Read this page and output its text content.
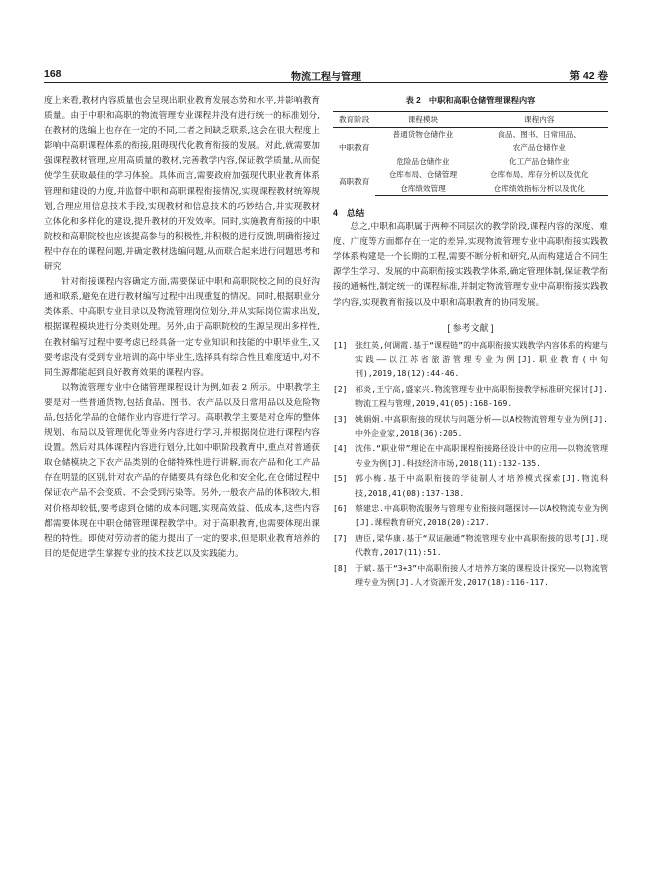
168	物流工程与管理	第 42 卷

度上来看,教材内容质量也会呈现出职业教育发展态势和水平,并影响教育质量。由于中职和高职的物流管理专业课程并没有进行统一的标准划分,在教材的选编上也存在一定的不同,二者之间缺乏联系,这会在很大程度上影响中高职课程体系的衔接,阻碍现代化教育衔接的发展。对此,就需要加强课程教材管理,应用高质量的教材,完善教学内容,保证教学质量,从而促使学生获取最佳的学习体验。具体而言,需要政府加强现代职业教育体系管理和建设的力度,并监督中职和高职课程衔接情况,实现课程教材统筹规划,合理应用信息技术手段,实现教材和信息技术的巧妙结合,并实现教材立体化和多样化的建设,提升教材的开发效率。同时,实施教育衔接的中职院校和高职院校也应该提高参与的积极性,并积极的进行反馈,明确衔接过程中存在的课程问题,并确定教材选编问题,从而联合起来进行问题思考和研究

针对衔接课程内容确定方面,需要保证中职和高职院校之间的良好沟通和联系,避免在进行教材编写过程中出现重复的情况。同时,根据职业分类体系、中高职专业目录以及物流管理岗位划分,并从实际岗位需求出发,根据课程模块进行分类则处理。另外,由于高职院校的生源呈现出多样性,在教材编写过程中要考虑已经具备一定专业知识和技能的中职毕业生,又要考虑没有受到专业培训的高中毕业生,选择具有综合性且难度适中,对不同生源都能起到良好教育效果的课程内容。

以物流管理专业中仓储管理课程设计为例,如表 2 所示。中职教学主要是对一些普通货物,包括食品、图书、农产品以及日常用品以及危险物品,包括化学品的仓储作业内容进行学习。高职教学主要是对仓库的整体规划、布局以及管理优化等业务内容进行学习,并根据岗位进行课程内容设置。然后对具体课程内容进行划分,比如中职阶段教育中,重点对普通获取仓储模块之下农产品类别的仓储特殊性进行讲解,而农产品和化工产品存在明显的区别,针对农产品的存储要具有绿色化和安全化,在仓储过程中保证农产品不会变质、不会受到污染等。另外,一般农产品的体积较大,相对价格却较低,要考虑到仓储的成本问题,实现高效益、低成本,这些内容都需要体现在中职仓储管理课程教学中。对于高职教育,也需要体现出课程的特性。即使对劳动者的能力提出了一定的要求,但是职业教育培养的目的是促进学生掌握专业的技术技艺以及实践能力。

表 2　中职和高职仓储管理课程内容
教育阶段	课程模块	课程内容
中职教育	普通货物仓储作业	食品、图书、日常用品、
		农产品仓储作业
	危险品仓储作业	化工产品仓储作业
高职教育	仓库布局、仓储管理	仓库布局、库存分析以及优化
	仓库绩效管理	仓库绩效指标分析以及优化
4　总结

总之,中职和高职属于两种不同层次的教学阶段,课程内容的深度、难度、广度等方面都存在一定的差异,实现物流管理专业中高职衔接实践教学体系构建是一个长期的工程,需要不断分析和研究,从而构建适合不同生源学生学习、发展的中高职衔接实践教学体系,确定管理体制,保证教学衔接的通畅性,制定统一的课程标准,并制定物流管理专业中高职衔接实践教学内容,实现教育衔接以及中职和高职教育的协同发展。

[ 参考文献 ]
[1] 张红英,何调霞.基于“课程链”的中高职衔接实践教学内容体系的构建与实践——以江苏省旅游管理专业为例[J].职业教育(中旬刊),2019,18(12):44-46.
[2] 祁炎,王宁高,盛家兴.物流管理专业中高职衔接教学标准研究探讨[J].物流工程与管理,2019,41(05):168-169.
[3] 姚娟娟.中高职衔接的现状与问题分析——以A校物流管理专业为例[J].中外企业家,2018(36):205.
[4] 沈伟.“职业带”理论在中高职课程衔接路径设计中的应用——以物流管理专业为例[J].科技经济市场,2018(11):132-135.
[5] 郭小梅.基于中高职衔接的学徒制人才培养模式探索[J].物流科技,2018,41(08):137-138.
[6] 蔡建忠.中高职物流服务与管理专业衔接问题探讨——以A校物流专业为例[J].课程教育研究,2018(20):217.
[7] 唐臣,梁华康.基于“双证融通”物流管理专业中高职衔接的思考[J].现代教育,2017(11):51.
[8] 于斌.基于“3+3”中高职衔接人才培养方案的课程设计探究——以物流管理专业为例[J].人才资源开发,2017(18):116-117.
